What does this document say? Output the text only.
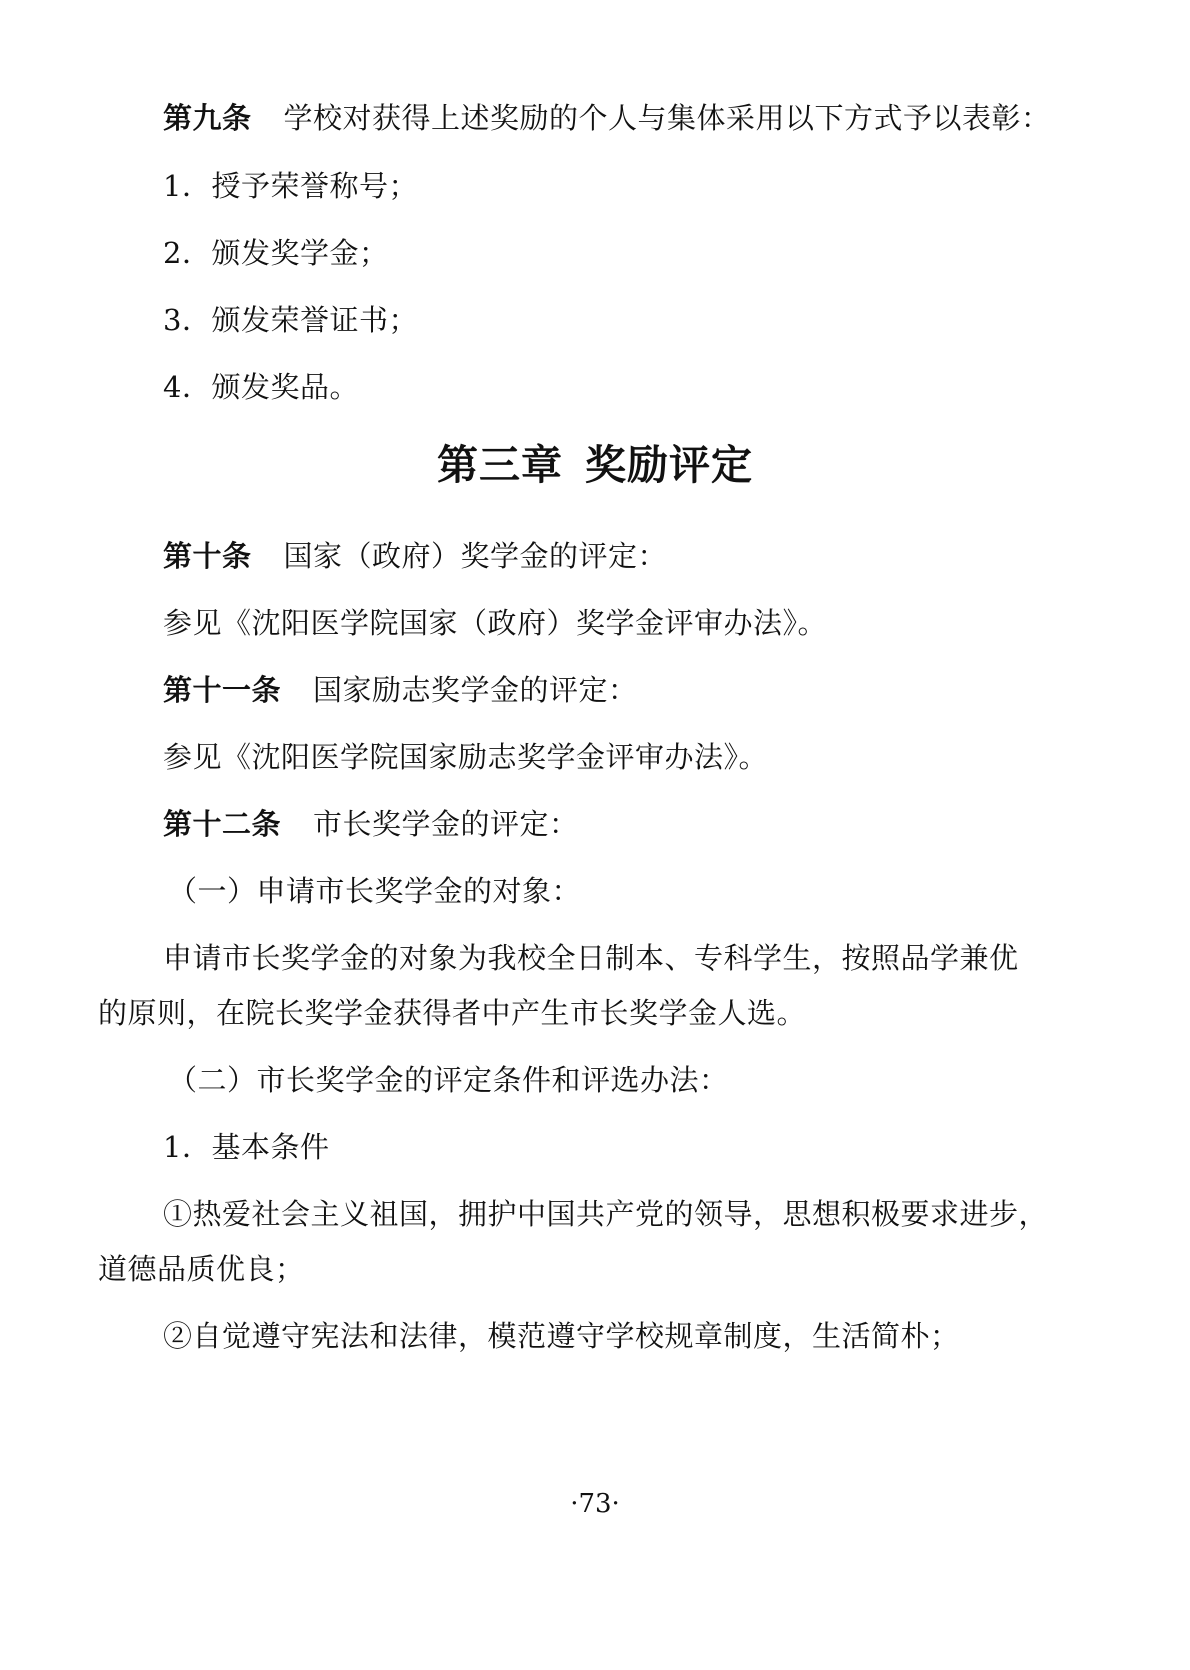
第九条 学校对获得上述奖励的个人与集体采用以下方式予以表彰：
1．授予荣誉称号；
2．颁发奖学金；
3．颁发荣誉证书；
4．颁发奖品。
第三章 奖励评定
第十条 国家（政府）奖学金的评定：
参见《沈阳医学院国家（政府）奖学金评审办法》。
第十一条 国家励志奖学金的评定：
参见《沈阳医学院国家励志奖学金评审办法》。
第十二条 市长奖学金的评定：
（一）申请市长奖学金的对象：
申请市长奖学金的对象为我校全日制本、专科学生，按照品学兼优
的原则，在院长奖学金获得者中产生市长奖学金人选。
（二）市长奖学金的评定条件和评选办法：
1．基本条件
①热爱社会主义祖国，拥护中国共产党的领导，思想积极要求进步，
道德品质优良；
②自觉遵守宪法和法律，模范遵守学校规章制度，生活简朴；
·73·
